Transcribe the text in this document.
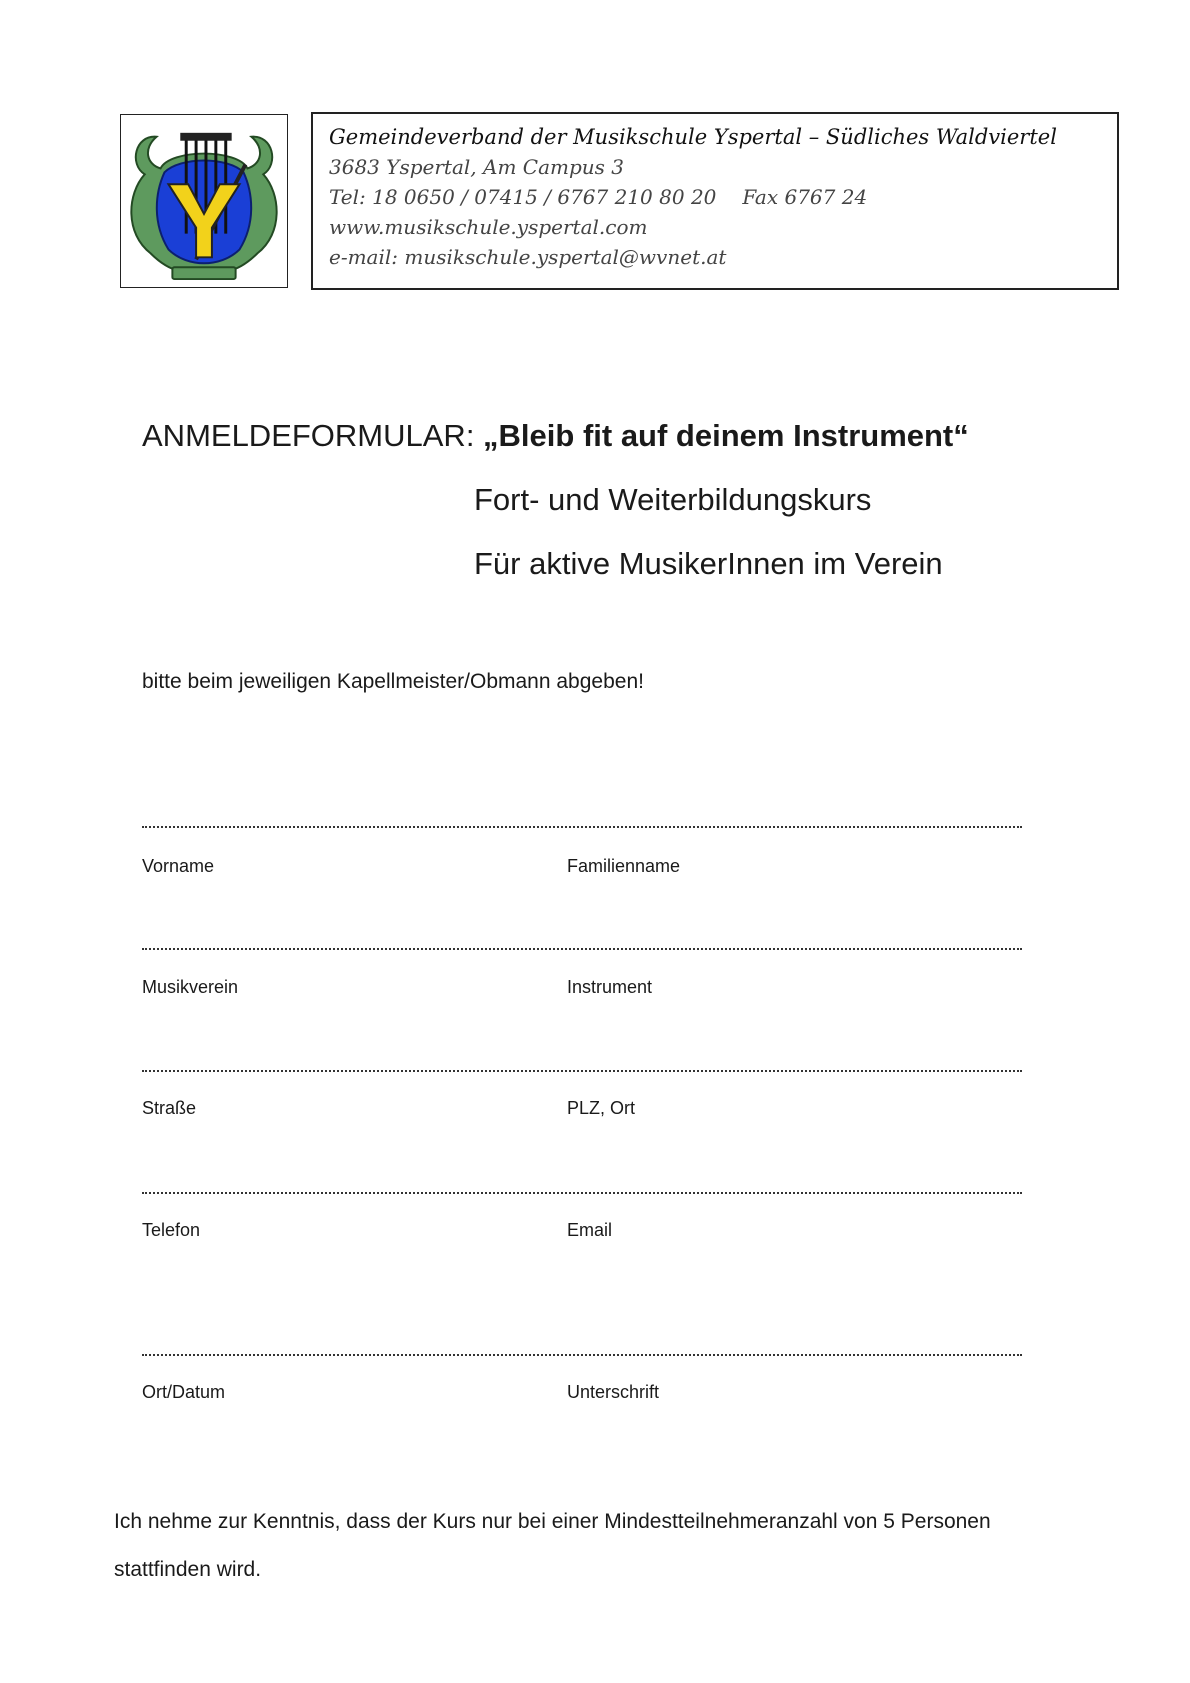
Gemeindeverband der Musikschule Yspertal – Südliches Waldviertel
3683 Yspertal, Am Campus 3
Tel: 18 0650 / 07415 / 6767 210 80 20 Fax 6767 24
www.musikschule.yspertal.com
e-mail: musikschule.yspertal@wvnet.at
ANMELDEFORMULAR: „Bleib fit auf deinem Instrument“
Fort- und Weiterbildungskurs
Für aktive MusikerInnen im Verein
bitte beim jeweiligen Kapellmeister/Obmann abgeben!
Vorname	Familienname
Musikverein	Instrument
Straße	PLZ, Ort
Telefon	Email
Ort/Datum	Unterschrift
Ich nehme zur Kenntnis, dass der Kurs nur bei einer Mindestteilnehmeranzahl von 5 Personen
stattfinden wird.
